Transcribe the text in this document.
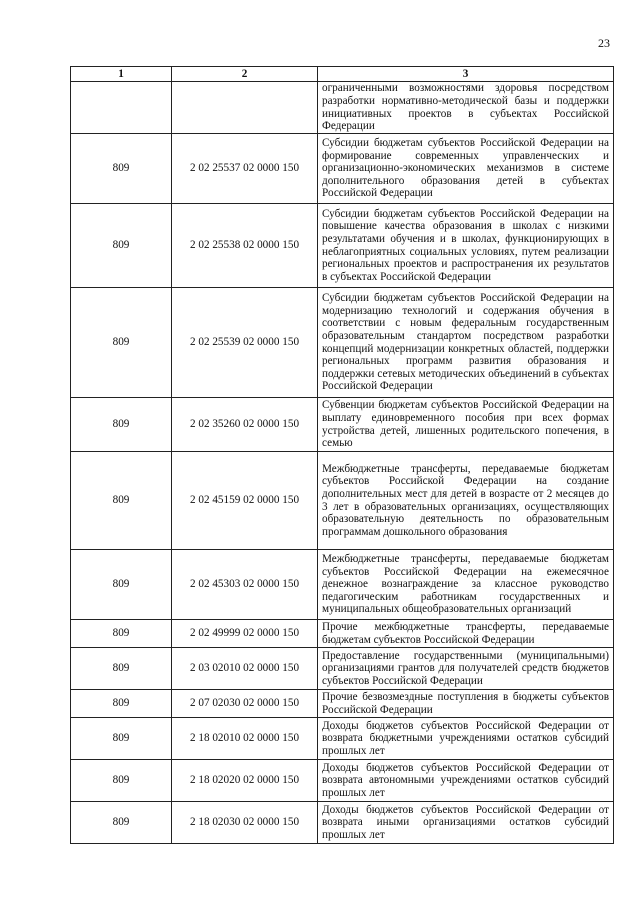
23
1	2	3
		ограниченными возможностями здоровья посредством разработки нормативно-методической базы и поддержки инициативных проектов в субъектах Российской Федерации
809	2 02 25537 02 0000 150	Субсидии бюджетам субъектов Российской Федерации на формирование современных управленческих и организационно-экономических механизмов в системе дополнительного образования детей в субъектах Российской Федерации
809	2 02 25538 02 0000 150	Субсидии бюджетам субъектов Российской Федерации на повышение качества образования в школах с низкими результатами обучения и в школах, функционирующих в неблагоприятных социальных условиях, путем реализации региональных проектов и распространения их результатов в субъектах Российской Федерации
809	2 02 25539 02 0000 150	Субсидии бюджетам субъектов Российской Федерации на модернизацию технологий и содержания обучения в соответствии с новым федеральным государственным образовательным стандартом посредством разработки концепций модернизации конкретных областей, поддержки региональных программ развития образования и поддержки сетевых методических объединений в субъектах Российской Федерации
809	2 02 35260 02 0000 150	Субвенции бюджетам субъектов Российской Федерации на выплату единовременного пособия при всех формах устройства детей, лишенных родительского попечения, в семью
809	2 02 45159 02 0000 150	Межбюджетные трансферты, передаваемые бюджетам субъектов Российской Федерации на создание дополнительных мест для детей в возрасте от 2 месяцев до 3 лет в образовательных организациях, осуществляющих образовательную деятельность по образовательным программам дошкольного образования
809	2 02 45303 02 0000 150	Межбюджетные трансферты, передаваемые бюджетам субъектов Российской Федерации на ежемесячное денежное вознаграждение за классное руководство педагогическим работникам государственных и муниципальных общеобразовательных организаций
809	2 02 49999 02 0000 150	Прочие межбюджетные трансферты, передаваемые бюджетам субъектов Российской Федерации
809	2 03 02010 02 0000 150	Предоставление государственными (муниципальными) организациями грантов для получателей средств бюджетов субъектов Российской Федерации
809	2 07 02030 02 0000 150	Прочие безвозмездные поступления в бюджеты субъектов Российской Федерации
809	2 18 02010 02 0000 150	Доходы бюджетов субъектов Российской Федерации от возврата бюджетными учреждениями остатков субсидий прошлых лет
809	2 18 02020 02 0000 150	Доходы бюджетов субъектов Российской Федерации от возврата автономными учреждениями остатков субсидий прошлых лет
809	2 18 02030 02 0000 150	Доходы бюджетов субъектов Российской Федерации от возврата иными организациями остатков субсидий прошлых лет
